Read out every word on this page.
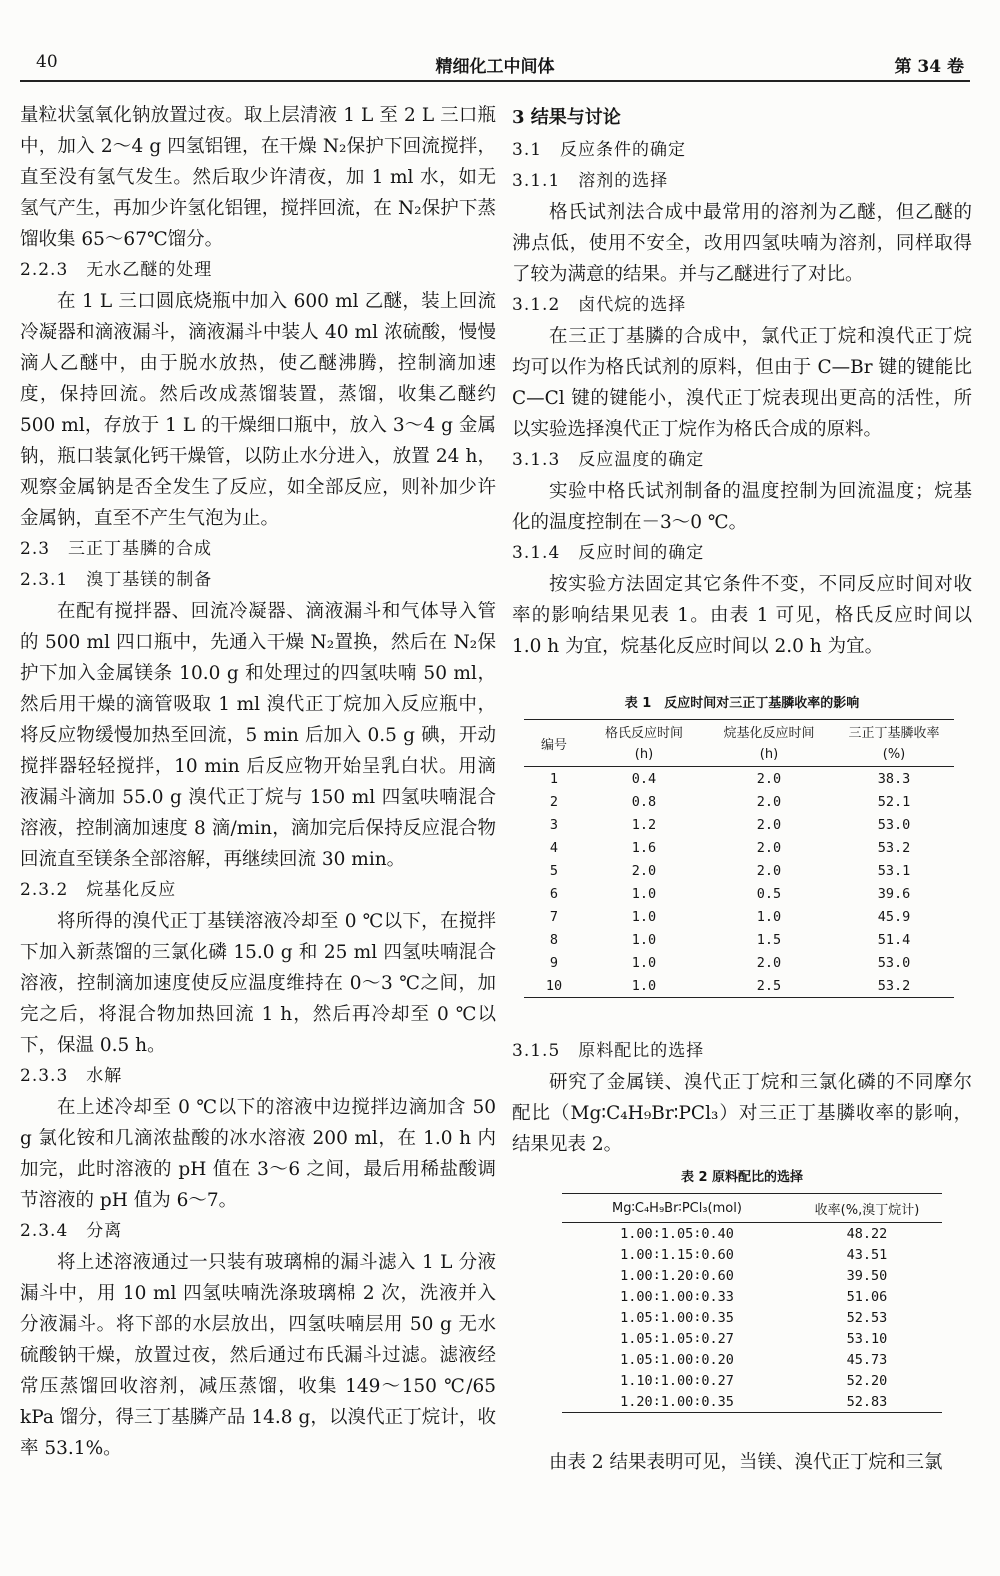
40	精细化工中间体	第 34 卷

量粒状氢氧化钠放置过夜。取上层清液 1 L 至 2 L 三口瓶中，加入 2～4 g 四氢铝锂，在干燥 N₂保护下回流搅拌，直至没有氢气发生。然后取少许清夜，加 1 ml 水，如无氢气产生，再加少许氢化铝锂，搅拌回流，在 N₂保护下蒸馏收集 65～67℃馏分。

2.2.3　无水乙醚的处理

在 1 L 三口圆底烧瓶中加入 600 ml 乙醚，装上回流冷凝器和滴液漏斗，滴液漏斗中装人 40 ml 浓硫酸，慢慢滴人乙醚中，由于脱水放热，使乙醚沸腾，控制滴加速度，保持回流。然后改成蒸馏装置，蒸馏，收集乙醚约 500 ml，存放于 1 L 的干燥细口瓶中，放入 3～4 g 金属钠，瓶口装氯化钙干燥管，以防止水分进入，放置 24 h，观察金属钠是否全发生了反应，如全部反应，则补加少许金属钠，直至不产生气泡为止。

2.3　三正丁基膦的合成

2.3.1　溴丁基镁的制备

在配有搅拌器、回流冷凝器、滴液漏斗和气体导入管的 500 ml 四口瓶中，先通入干燥 N₂置换，然后在 N₂保护下加入金属镁条 10.0 g 和处理过的四氢呋喃 50 ml，然后用干燥的滴管吸取 1 ml 溴代正丁烷加入反应瓶中，将反应物缓慢加热至回流，5 min 后加入 0.5 g 碘，开动搅拌器轻轻搅拌，10 min 后反应物开始呈乳白状。用滴液漏斗滴加 55.0 g 溴代正丁烷与 150 ml 四氢呋喃混合溶液，控制滴加速度 8 滴/min，滴加完后保持反应混合物回流直至镁条全部溶解，再继续回流 30 min。

2.3.2　烷基化反应

将所得的溴代正丁基镁溶液冷却至 0 ℃以下，在搅拌下加入新蒸馏的三氯化磷 15.0 g 和 25 ml 四氢呋喃混合溶液，控制滴加速度使反应温度维持在 0～3 ℃之间，加完之后，将混合物加热回流 1 h，然后再冷却至 0 ℃以下，保温 0.5 h。

2.3.3　水解

在上述冷却至 0 ℃以下的溶液中边搅拌边滴加含 50 g 氯化铵和几滴浓盐酸的冰水溶液 200 ml，在 1.0 h 内加完，此时溶液的 pH 值在 3～6 之间，最后用稀盐酸调节溶液的 pH 值为 6～7。

2.3.4　分离

将上述溶液通过一只装有玻璃棉的漏斗滤入 1 L 分液漏斗中，用 10 ml 四氢呋喃洗涤玻璃棉 2 次，洗液并入分液漏斗。将下部的水层放出，四氢呋喃层用 50 g 无水硫酸钠干燥，放置过夜，然后通过布氏漏斗过滤。滤液经常压蒸馏回收溶剂，减压蒸馏，收集 149～150 ℃/65 kPa 馏分，得三丁基膦产品 14.8 g，以溴代正丁烷计，收率 53.1%。

3 结果与讨论

3.1　反应条件的确定

3.1.1　溶剂的选择

格氏试剂法合成中最常用的溶剂为乙醚，但乙醚的沸点低，使用不安全，改用四氢呋喃为溶剂，同样取得了较为满意的结果。并与乙醚进行了对比。

3.1.2　卤代烷的选择

在三正丁基膦的合成中，氯代正丁烷和溴代正丁烷均可以作为格氏试剂的原料，但由于 C—Br 键的键能比 C—Cl 键的键能小，溴代正丁烷表现出更高的活性，所以实验选择溴代正丁烷作为格氏合成的原料。

3.1.3　反应温度的确定

实验中格氏试剂制备的温度控制为回流温度；烷基化的温度控制在－3～0 ℃。

3.1.4　反应时间的确定

按实验方法固定其它条件不变，不同反应时间对收率的影响结果见表 1。由表 1 可见，格氏反应时间以 1.0 h 为宜，烷基化反应时间以 2.0 h 为宜。

表 1　反应时间对三正丁基膦收率的影响
编号	格氏反应时间	烷基化反应时间	三正丁基膦收率
	(h)	(h)	(%)
1	0.4	2.0	38.3
2	0.8	2.0	52.1
3	1.2	2.0	53.0
4	1.6	2.0	53.2
5	2.0	2.0	53.1
6	1.0	0.5	39.6
7	1.0	1.0	45.9
8	1.0	1.5	51.4
9	1.0	2.0	53.0
10	1.0	2.5	53.2

3.1.5　原料配比的选择

研究了金属镁、溴代正丁烷和三氯化磷的不同摩尔配比（Mg∶C₄H₉Br∶PCl₃）对三正丁基膦收率的影响，结果见表 2。

表 2 原料配比的选择
Mg∶C₄H₉Br∶PCl₃(mol)	收率(%,溴丁烷计)
1.00∶1.05∶0.40	48.22
1.00∶1.15∶0.60	43.51
1.00∶1.20∶0.60	39.50
1.00∶1.00∶0.33	51.06
1.05∶1.00∶0.35	52.53
1.05∶1.05∶0.27	53.10
1.05∶1.00∶0.20	45.73
1.10∶1.00∶0.27	52.20
1.20∶1.00∶0.35	52.83

由表 2 结果表明可见，当镁、溴代正丁烷和三氯
